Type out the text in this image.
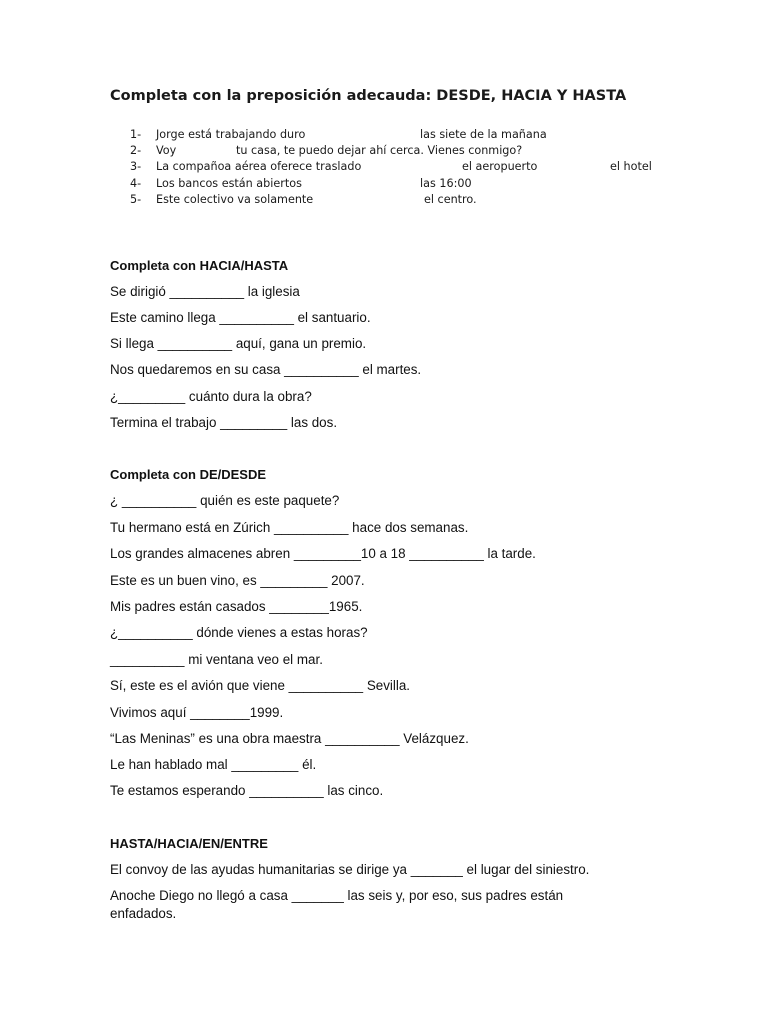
Completa con la preposición adecauda: DESDE, HACIA Y HASTA
1- Jorge está trabajando duro	las siete de la mañana
2- Voy	tu casa, te puedo dejar ahí cerca. Vienes conmigo?
3- La compañoa aérea oferece traslado	el aeropuerto	el hotel
4- Los bancos están abiertos	las 16:00
5- Este colectivo va solamente	el centro.
Completa con HACIA/HASTA
Se dirigió __________ la iglesia
Este camino llega __________ el santuario.
Si llega __________ aquí, gana un premio.
Nos quedaremos en su casa __________ el martes.
¿_________ cuánto dura la obra?
Termina el trabajo _________ las dos.
Completa con DE/DESDE
¿ __________ quién es este paquete?
Tu hermano está en Zúrich __________ hace dos semanas.
Los grandes almacenes abren _________10 a 18 __________ la tarde.
Este es un buen vino, es _________ 2007.
Mis padres están casados ________1965.
¿__________ dónde vienes a estas horas?
__________ mi ventana veo el mar.
Sí, este es el avión que viene __________ Sevilla.
Vivimos aquí ________1999.
“Las Meninas” es una obra maestra __________ Velázquez.
Le han hablado mal _________ él.
Te estamos esperando __________ las cinco.
HASTA/HACIA/EN/ENTRE
El convoy de las ayudas humanitarias se dirige ya _______ el lugar del siniestro.
Anoche Diego no llegó a casa _______ las seis y, por eso, sus padres están enfadados.
